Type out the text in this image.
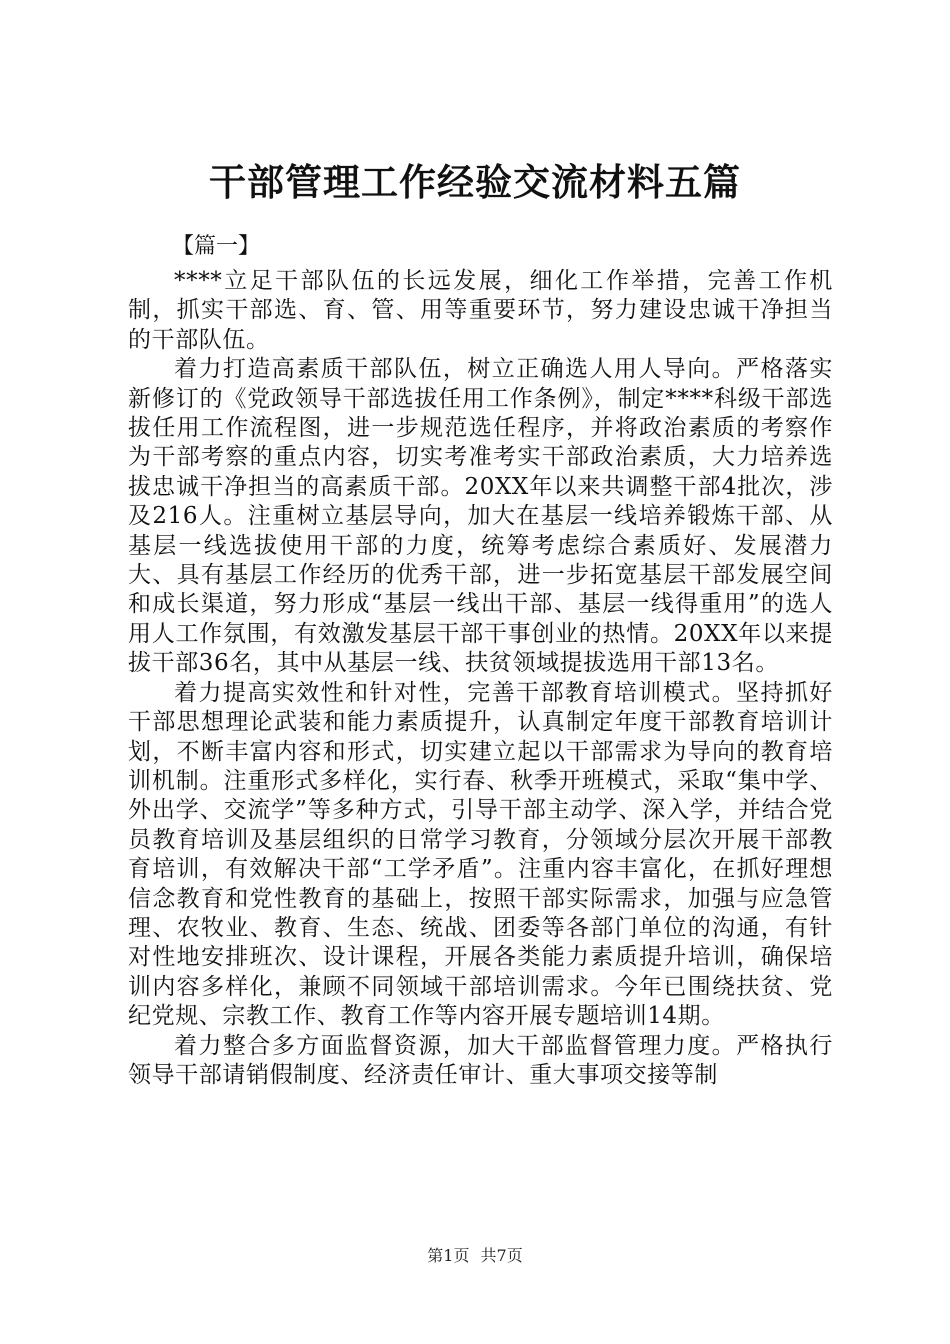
干部管理工作经验交流材料五篇
【篇一】

****立足干部队伍的长远发展，细化工作举措，完善工作机制，抓实干部选、育、管、用等重要环节，努力建设忠诚干净担当的干部队伍。

着力打造高素质干部队伍，树立正确选人用人导向。严格落实新修订的《党政领导干部选拔任用工作条例》，制定****科级干部选拔任用工作流程图，进一步规范选任程序，并将政治素质的考察作为干部考察的重点内容，切实考准考实干部政治素质，大力培养选拔忠诚干净担当的高素质干部。20XX年以来共调整干部4批次，涉及216人。注重树立基层导向，加大在基层一线培养锻炼干部、从基层一线选拔使用干部的力度，统筹考虑综合素质好、发展潜力大、具有基层工作经历的优秀干部，进一步拓宽基层干部发展空间和成长渠道，努力形成“基层一线出干部、基层一线得重用”的选人用人工作氛围，有效激发基层干部干事创业的热情。20XX年以来提拔干部36名，其中从基层一线、扶贫领域提拔选用干部13名。

着力提高实效性和针对性，完善干部教育培训模式。坚持抓好干部思想理论武装和能力素质提升，认真制定年度干部教育培训计划，不断丰富内容和形式，切实建立起以干部需求为导向的教育培训机制。注重形式多样化，实行春、秋季开班模式，采取“集中学、外出学、交流学”等多种方式，引导干部主动学、深入学，并结合党员教育培训及基层组织的日常学习教育，分领域分层次开展干部教育培训，有效解决干部“工学矛盾”。注重内容丰富化，在抓好理想信念教育和党性教育的基础上，按照干部实际需求，加强与应急管理、农牧业、教育、生态、统战、团委等各部门单位的沟通，有针对性地安排班次、设计课程，开展各类能力素质提升培训，确保培训内容多样化，兼顾不同领域干部培训需求。今年已围绕扶贫、党纪党规、宗教工作、教育工作等内容开展专题培训14期。

着力整合多方面监督资源，加大干部监督管理力度。严格执行领导干部请销假制度、经济责任审计、重大事项交接等制

第1页 共7页
